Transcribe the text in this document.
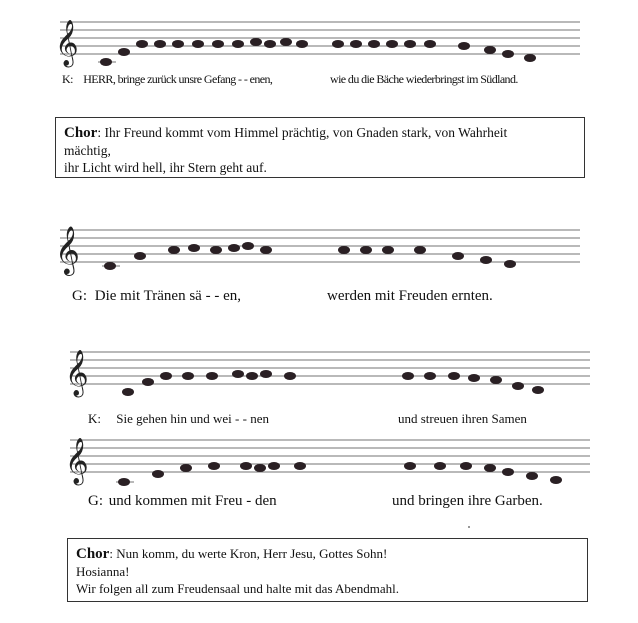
𝄞
K: HERR, bringe zurück unsre Gefang - - enen,	wie du die Bäche wiederbringst im Südland.
Chor: Ihr Freund kommt vom Himmel prächtig, von Gnaden stark, von Wahrheit
mächtig,
ihr Licht wird hell, ihr Stern geht auf.
𝄞
G: Die mit Tränen sä - - en,	werden mit Freuden ernten.
𝄞
K: Sie gehen hin und wei - - nen	und streuen ihren Samen
𝄞
G: und kommen mit Freu - den	und bringen ihre Garben.
Chor: Nun komm, du werte Kron, Herr Jesu, Gottes Sohn!
Hosianna!
Wir folgen all zum Freudensaal und halte mit das Abendmahl.
